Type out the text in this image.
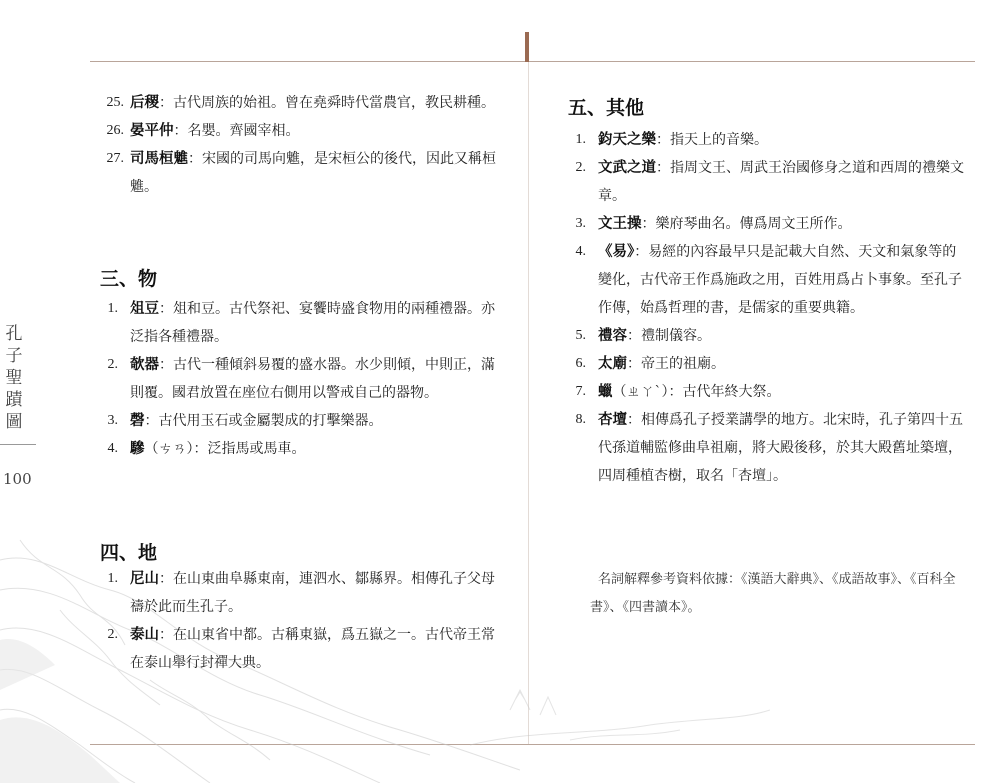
孔
子
聖
蹟
圖
100
25. 后稷：古代周族的始祖。曾在堯舜時代當農官，教民耕種。
26. 晏平仲：名嬰。齊國宰相。
27. 司馬桓魋：宋國的司馬向魋，是宋桓公的後代，因此又稱桓魋。
三、物
1. 俎豆：俎和豆。古代祭祀、宴饗時盛食物用的兩種禮器。亦泛指各種禮器。
2. 欹器：古代一種傾斜易覆的盛水器。水少則傾，中則正，滿則覆。國君放置在座位右側用以警戒自己的器物。
3. 磬：古代用玉石或金屬製成的打擊樂器。
4. 驂（ㄘㄢ）：泛指馬或馬車。
四、地
1. 尼山：在山東曲阜縣東南，連泗水、鄒縣界。相傳孔子父母禱於此而生孔子。
2. 泰山：在山東省中都。古稱東嶽，爲五嶽之一。古代帝王常在泰山舉行封禪大典。
五、其他
1. 鈞天之樂：指天上的音樂。
2. 文武之道：指周文王、周武王治國修身之道和西周的禮樂文章。
3. 文王操：樂府琴曲名。傳爲周文王所作。
4. 《易》：易經的內容最早只是記載大自然、天文和氣象等的變化，古代帝王作爲施政之用，百姓用爲占卜事象。至孔子作傳，始爲哲理的書，是儒家的重要典籍。
5. 禮容：禮制儀容。
6. 太廟：帝王的祖廟。
7. 蠟（ㄓㄚˋ）：古代年終大祭。
8. 杏壇：相傳爲孔子授業講學的地方。北宋時，孔子第四十五代孫道輔監修曲阜祖廟，將大殿後移，於其大殿舊址築壇，四周種植杏樹，取名「杏壇」。
名詞解釋參考資料依據：《漢語大辭典》、《成語故事》、《百科全書》、《四書讀本》。
